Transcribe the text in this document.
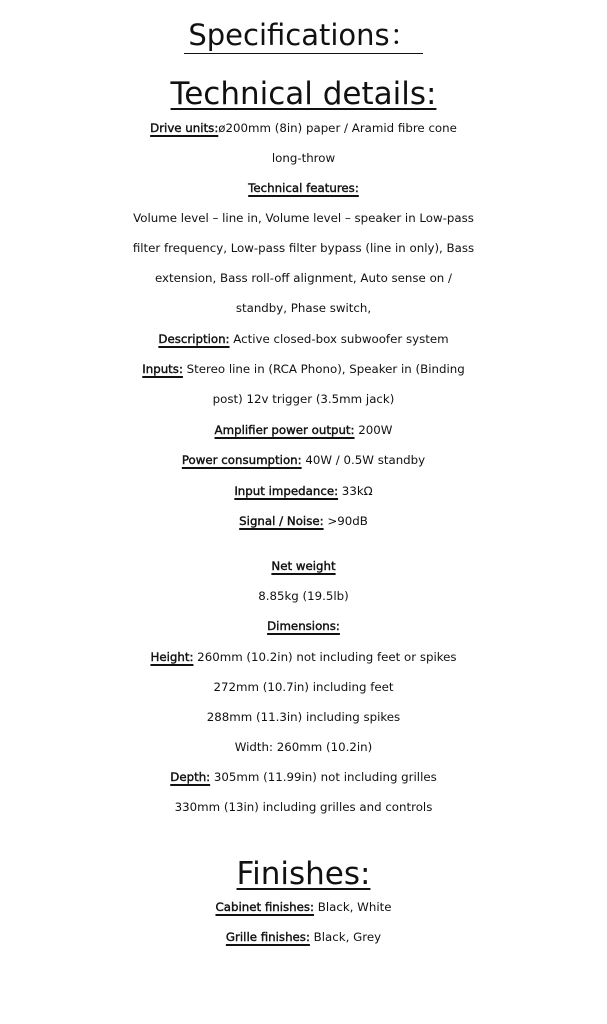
Specifications：
Technical details:
Drive units:ø200mm (8in) paper / Aramid fibre cone
long-throw
Technical features:
Volume level – line in, Volume level – speaker in Low-pass
filter frequency, Low-pass filter bypass (line in only), Bass
extension, Bass roll-off alignment, Auto sense on /
standby, Phase switch,
Description: Active closed-box subwoofer system
Inputs: Stereo line in (RCA Phono), Speaker in (Binding
post) 12v trigger (3.5mm jack)
Amplifier power output: 200W
Power consumption: 40W / 0.5W standby
Input impedance: 33kΩ
Signal / Noise: >90dB
Net weight
8.85kg (19.5lb)
Dimensions:
Height: 260mm (10.2in) not including feet or spikes
272mm (10.7in) including feet
288mm (11.3in) including spikes
Width: 260mm (10.2in)
Depth: 305mm (11.99in) not including grilles
330mm (13in) including grilles and controls
Finishes:
Cabinet finishes: Black, White
Grille finishes: Black, Grey
